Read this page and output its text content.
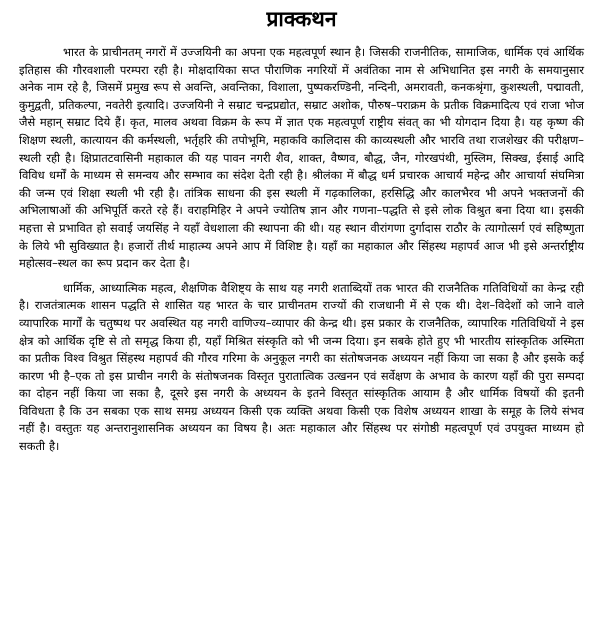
प्राक्कथन

भारत के प्राचीनतम् नगरों में उज्जयिनी का अपना एक महत्वपूर्ण स्थान है। जिसकी राजनीतिक, सामाजिक, धार्मिक एवं आर्थिक इतिहास की गौरवशाली परम्परा रही है। मोक्षदायिका सप्त पौराणिक नगरियों में अवंतिका नाम से अभिधानित इस नगरी के समयानुसार अनेक नाम रहे है, जिसमें प्रमुख रूप से अवन्ति, अवन्तिका, विशाला, पुष्पकरण्डिनी, नन्दिनी, अमरावती, कनकश्रृंगा, कुशस्थली, पद्मावती, कुमुद्वती, प्रतिकल्पा, नवतेरी इत्यादि। उज्जयिनी ने सम्राट चन्द्रप्रद्योत, सम्राट अशोक, पौरुष–पराक्रम के प्रतीक विक्रमादित्य एवं राजा भोज जैसे महान् सम्राट दिये हैं। कृत, मालव अथवा विक्रम के रूप में ज्ञात एक महत्वपूर्ण राष्ट्रीय संवत् का भी योगदान दिया है। यह कृष्ण की शिक्षण स्थली, कात्यायन की कर्मस्थली, भर्तृहरि की तपोभूमि, महाकवि कालिदास की काव्यस्थली और भारवि तथा राजशेखर की परीक्षण–स्थली रही है। क्षिप्रातटवासिनी महाकाल की यह पावन नगरी शैव, शाक्त, वैष्णव, बौद्ध, जैन, गोरखपंथी, मुस्लिम, सिक्ख, ईसाई आदि विविध धर्मों के माध्यम से समन्वय और सम्भाव का संदेश देती रही है। श्रीलंका में बौद्ध धर्म प्रचारक आचार्य महेन्द्र और आचार्या संघमित्रा की जन्म एवं शिक्षा स्थली भी रही है। तांत्रिक साधना की इस स्थली में गढ़कालिका, हरसिद्धि और कालभैरव भी अपने भक्तजनों की अभिलाषाओं की अभिपूर्ति करते रहे हैं। वराहमिहिर ने अपने ज्योतिष ज्ञान और गणना–पद्धति से इसे लोक विश्रुत बना दिया था। इसकी महत्ता से प्रभावित हो सवाई जयसिंह ने यहाँ वेधशाला की स्थापना की थी। यह स्थान वीरांगणा दुर्गादास राठौर के त्यागोत्सर्ग एवं सहिष्णुता के लिये भी सुविख्यात है। हजारों तीर्थ माहात्म्य अपने आप में विशिष्ट है। यहाँ का महाकाल और सिंहस्थ महापर्व आज भी इसे अन्तर्राष्ट्रीय महोत्सव–स्थल का रूप प्रदान कर देता है।

धार्मिक, आध्यात्मिक महत्व, शैक्षणिक वैशिष्ट्य के साथ यह नगरी शताब्दियों तक भारत की राजनैतिक गतिविधियों का केन्द्र रही है। राजतंत्रात्मक शासन पद्धति से शासित यह भारत के चार प्राचीनतम राज्यों की राजधानी में से एक थी। देश–विदेशों को जाने वाले व्यापारिक मार्गों के चतुष्पथ पर अवस्थित यह नगरी वाणिज्य–व्यापार की केन्द्र थी। इस प्रकार के राजनैतिक, व्यापारिक गतिविधियों ने इस क्षेत्र को आर्थिक दृष्टि से तो समृद्ध किया ही, यहाँ मिश्रित संस्कृति को भी जन्म दिया। इन सबके होते हुए भी भारतीय सांस्कृतिक अस्मिता का प्रतीक विश्व विश्रुत सिंहस्थ महापर्व की गौरव गरिमा के अनुकूल नगरी का संतोषजनक अध्ययन नहीं किया जा सका है और इसके कई कारण भी है–एक तो इस प्राचीन नगरी के संतोषजनक विस्तृत पुरातात्विक उत्खनन एवं सर्वेक्षण के अभाव के कारण यहाँ की पुरा सम्पदा का दोहन नहीं किया जा सका है, दूसरे इस नगरी के अध्ययन के इतने विस्तृत सांस्कृतिक आयाम है और धार्मिक विषयों की इतनी विविधता है कि उन सबका एक साथ समग्र अध्ययन किसी एक व्यक्ति अथवा किसी एक विशेष अध्ययन शाखा के समूह के लिये संभव नहीं है। वस्तुतः यह अन्तरानुशासनिक अध्ययन का विषय है। अतः महाकाल और सिंहस्थ पर संगोष्ठी महत्वपूर्ण एवं उपयुक्त माध्यम हो सकती है।
